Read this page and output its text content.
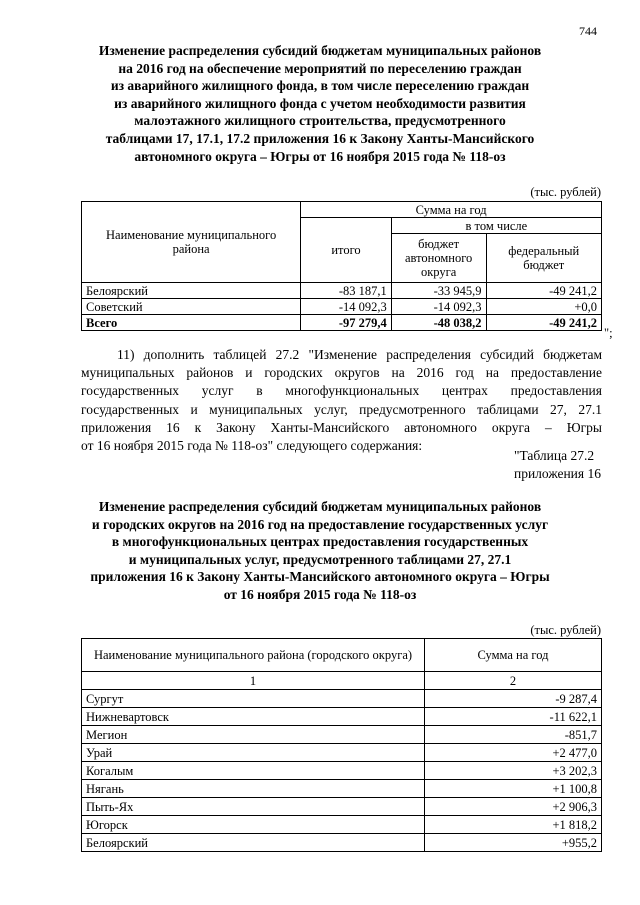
744
Изменение распределения субсидий бюджетам муниципальных районов
на 2016 год на обеспечение мероприятий по переселению граждан
из аварийного жилищного фонда, в том числе переселению граждан
из аварийного жилищного фонда с учетом необходимости развития
малоэтажного жилищного строительства, предусмотренного
таблицами 17, 17.1, 17.2 приложения 16 к Закону Ханты-Мансийского
автономного округа – Югры от 16 ноября 2015 года № 118-оз
(тыс. рублей)
Наименование муниципального района	Сумма на год		
	итого	в том числе	
		бюджет автономного округа	федеральный бюджет
Белоярский	-83 187,1	-33 945,9	-49 241,2
Советский	-14 092,3	-14 092,3	+0,0
Всего	-97 279,4	-48 038,2	-49 241,2
";
11) дополнить таблицей 27.2 "Изменение распределения субсидий бюджетам
муниципальных районов и городских округов на 2016 год на предоставление
государственных услуг в многофункциональных центрах предоставления
государственных и муниципальных услуг, предусмотренного таблицами 27, 27.1
приложения 16 к Закону Ханты-Мансийского автономного округа – Югры
от 16 ноября 2015 года № 118-оз" следующего содержания:
"Таблица 27.2
приложения 16
Изменение распределения субсидий бюджетам муниципальных районов
и городских округов на 2016 год на предоставление государственных услуг
в многофункциональных центрах предоставления государственных
и муниципальных услуг, предусмотренного таблицами 27, 27.1
приложения 16 к Закону Ханты-Мансийского автономного округа – Югры
от 16 ноября 2015 года № 118-оз
(тыс. рублей)
Наименование муниципального района (городского округа)	Сумма на год
1	2
Сургут	-9 287,4
Нижневартовск	-11 622,1
Мегион	-851,7
Урай	+2 477,0
Когалым	+3 202,3
Нягань	+1 100,8
Пыть-Ях	+2 906,3
Югорск	+1 818,2
Белоярский	+955,2
